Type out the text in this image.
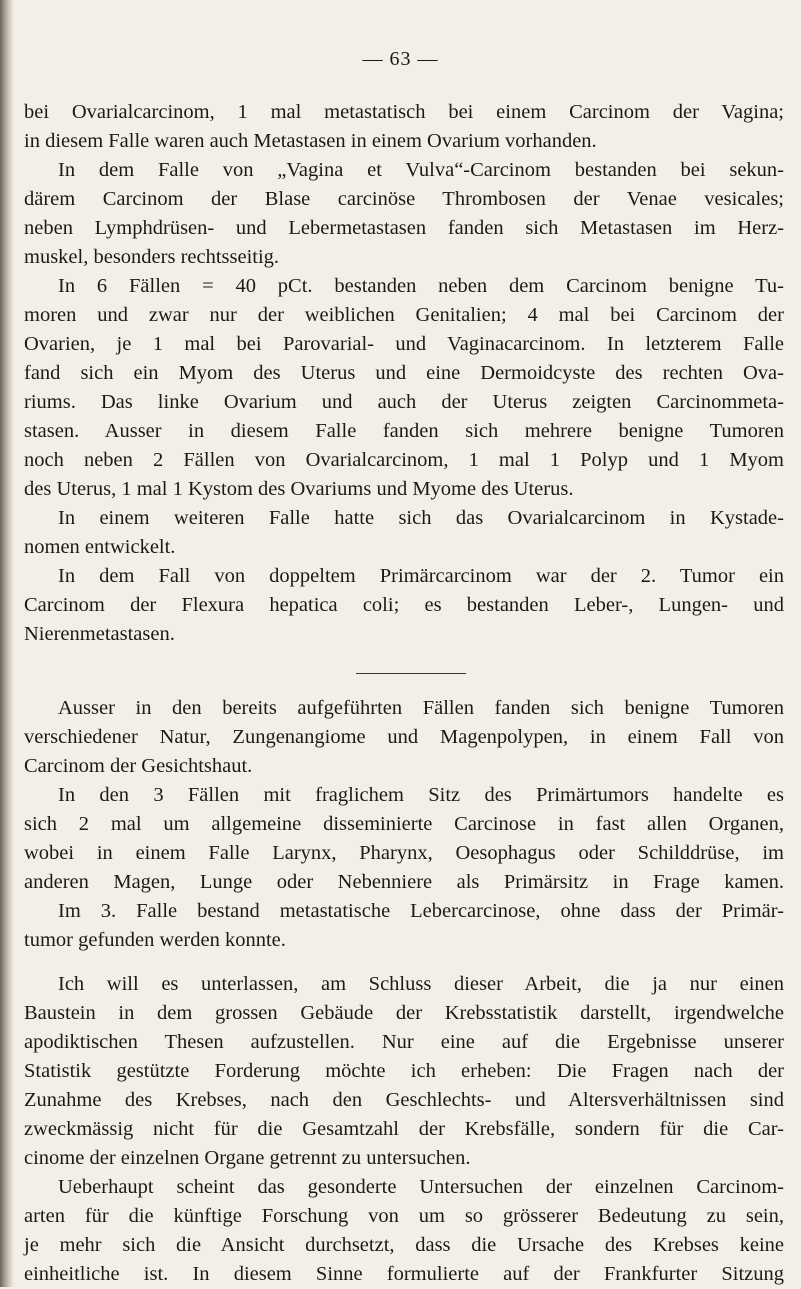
— 63 —
bei Ovarialcarcinom, 1 mal metastatisch bei einem Carcinom der Vagina;
in diesem Falle waren auch Metastasen in einem Ovarium vorhanden.
In dem Falle von „Vagina et Vulva“-Carcinom bestanden bei sekun-
därem Carcinom der Blase carcinöse Thrombosen der Venae vesicales;
neben Lymphdrüsen- und Lebermetastasen fanden sich Metastasen im Herz-
muskel, besonders rechtsseitig.
In 6 Fällen = 40 pCt. bestanden neben dem Carcinom benigne Tu-
moren und zwar nur der weiblichen Genitalien; 4 mal bei Carcinom der
Ovarien, je 1 mal bei Parovarial- und Vaginacarcinom. In letzterem Falle
fand sich ein Myom des Uterus und eine Dermoidcyste des rechten Ova-
riums. Das linke Ovarium und auch der Uterus zeigten Carcinommeta-
stasen. Ausser in diesem Falle fanden sich mehrere benigne Tumoren
noch neben 2 Fällen von Ovarialcarcinom, 1 mal 1 Polyp und 1 Myom
des Uterus, 1 mal 1 Kystom des Ovariums und Myome des Uterus.
In einem weiteren Falle hatte sich das Ovarialcarcinom in Kystade-
nomen entwickelt.
In dem Fall von doppeltem Primärcarcinom war der 2. Tumor ein
Carcinom der Flexura hepatica coli; es bestanden Leber-, Lungen- und
Nierenmetastasen.
Ausser in den bereits aufgeführten Fällen fanden sich benigne Tumoren
verschiedener Natur, Zungenangiome und Magenpolypen, in einem Fall von
Carcinom der Gesichtshaut.
In den 3 Fällen mit fraglichem Sitz des Primärtumors handelte es
sich 2 mal um allgemeine disseminierte Carcinose in fast allen Organen,
wobei in einem Falle Larynx, Pharynx, Oesophagus oder Schilddrüse, im
anderen Magen, Lunge oder Nebenniere als Primärsitz in Frage kamen.
Im 3. Falle bestand metastatische Lebercarcinose, ohne dass der Primär-
tumor gefunden werden konnte.
Ich will es unterlassen, am Schluss dieser Arbeit, die ja nur einen
Baustein in dem grossen Gebäude der Krebsstatistik darstellt, irgendwelche
apodiktischen Thesen aufzustellen. Nur eine auf die Ergebnisse unserer
Statistik gestützte Forderung möchte ich erheben: Die Fragen nach der
Zunahme des Krebses, nach den Geschlechts- und Altersverhältnissen sind
zweckmässig nicht für die Gesamtzahl der Krebsfälle, sondern für die Car-
cinome der einzelnen Organe getrennt zu untersuchen.
Ueberhaupt scheint das gesonderte Untersuchen der einzelnen Carcinom-
arten für die künftige Forschung von um so grösserer Bedeutung zu sein,
je mehr sich die Ansicht durchsetzt, dass die Ursache des Krebses keine
einheitliche ist. In diesem Sinne formulierte auf der Frankfurter Sitzung
